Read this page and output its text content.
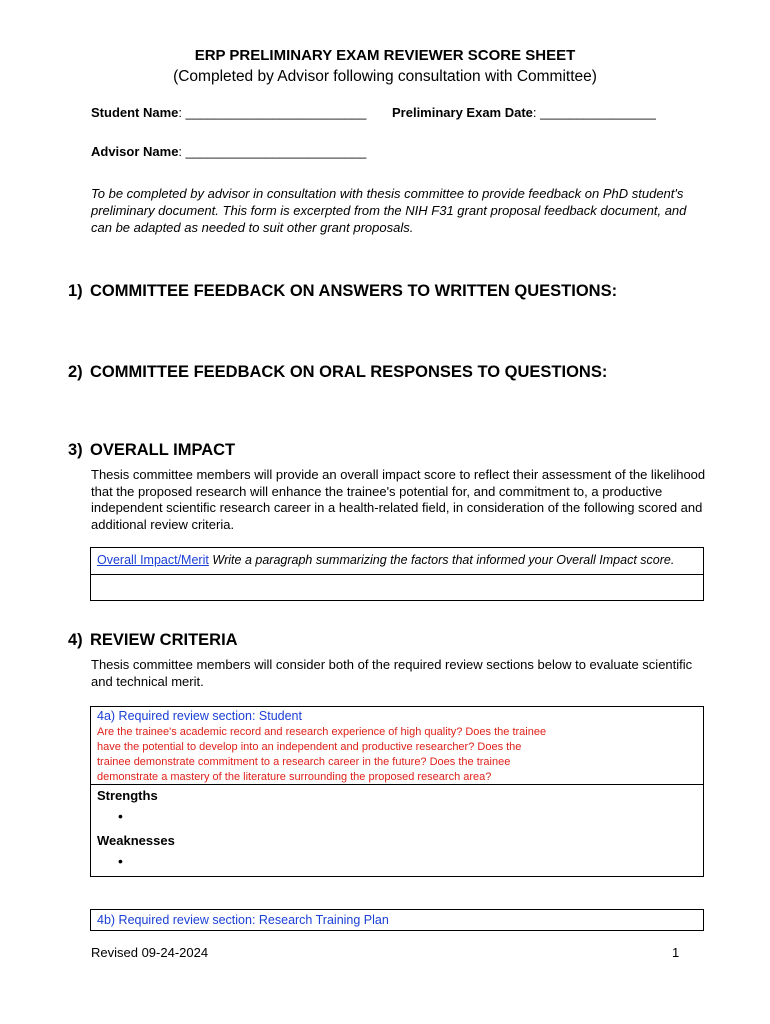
ERP PRELIMINARY EXAM REVIEWER SCORE SHEET
(Completed by Advisor following consultation with Committee)
Student Name: _________________________ Preliminary Exam Date: ________________
Advisor Name: _________________________
To be completed by advisor in consultation with thesis committee to provide feedback on PhD student's preliminary document. This form is excerpted from the NIH F31 grant proposal feedback document, and can be adapted as needed to suit other grant proposals.
1) COMMITTEE FEEDBACK ON ANSWERS TO WRITTEN QUESTIONS:
2) COMMITTEE FEEDBACK ON ORAL RESPONSES TO QUESTIONS:
3) OVERALL IMPACT
Thesis committee members will provide an overall impact score to reflect their assessment of the likelihood that the proposed research will enhance the trainee's potential for, and commitment to, a productive independent scientific research career in a health-related field, in consideration of the following scored and additional review criteria.
Overall Impact/Merit Write a paragraph summarizing the factors that informed your Overall Impact score.
4) REVIEW CRITERIA
Thesis committee members will consider both of the required review sections below to evaluate scientific and technical merit.
4a) Required review section: Student
Are the trainee's academic record and research experience of high quality? Does the trainee
have the potential to develop into an independent and productive researcher? Does the
trainee demonstrate commitment to a research career in the future? Does the trainee
demonstrate a mastery of the literature surrounding the proposed research area?
Strengths
•
Weaknesses
•
4b) Required review section: Research Training Plan
Revised 09-24-2024	1
